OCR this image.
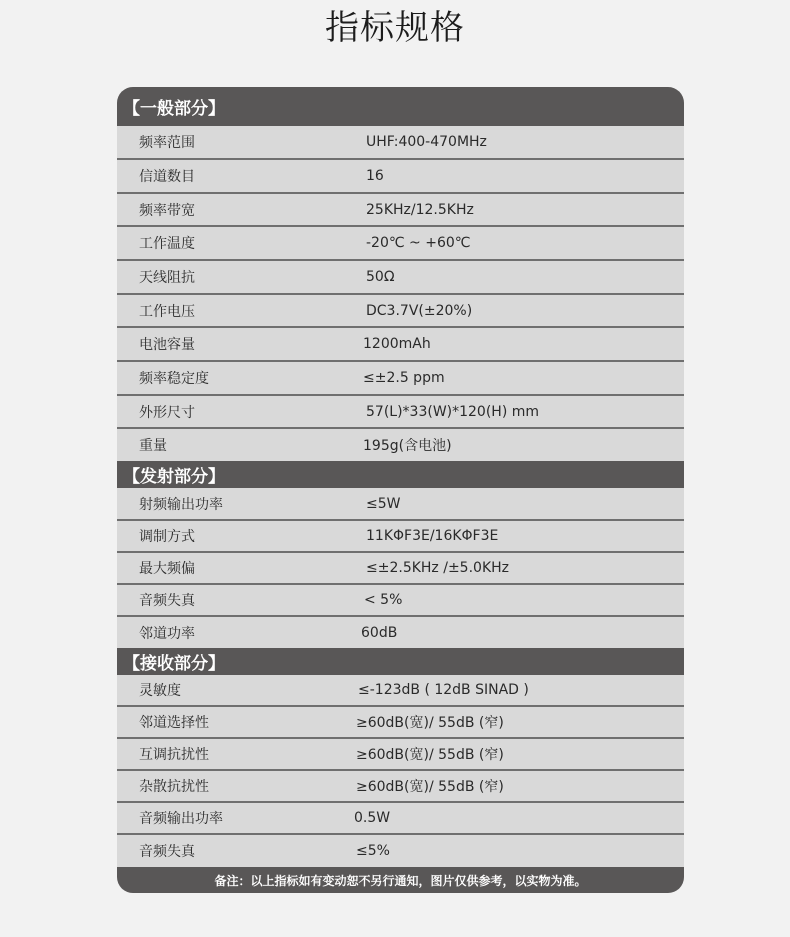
指标规格
【一般部分】
频率范围	UHF:400-470MHz
信道数目	16
频率带宽	25KHz/12.5KHz
工作温度	-20℃ ~ +60℃
天线阻抗	50Ω
工作电压	DC3.7V(±20%)
电池容量	1200mAh
频率稳定度	≤±2.5 ppm
外形尺寸	57(L)*33(W)*120(H) mm
重量	195g(含电池)
【发射部分】
射频输出功率	≤5W
调制方式	11KΦF3E/16KΦF3E
最大频偏	≤±2.5KHz /±5.0KHz
音频失真	< 5%
邻道功率	60dB
【接收部分】
灵敏度	≤-123dB ( 12dB SINAD )
邻道选择性	≥60dB(宽)/ 55dB (窄)
互调抗扰性	≥60dB(宽)/ 55dB (窄)
杂散抗扰性	≥60dB(宽)/ 55dB (窄)
音频输出功率	0.5W
音频失真	≤5%
备注：以上指标如有变动恕不另行通知，图片仅供参考，以实物为准。
